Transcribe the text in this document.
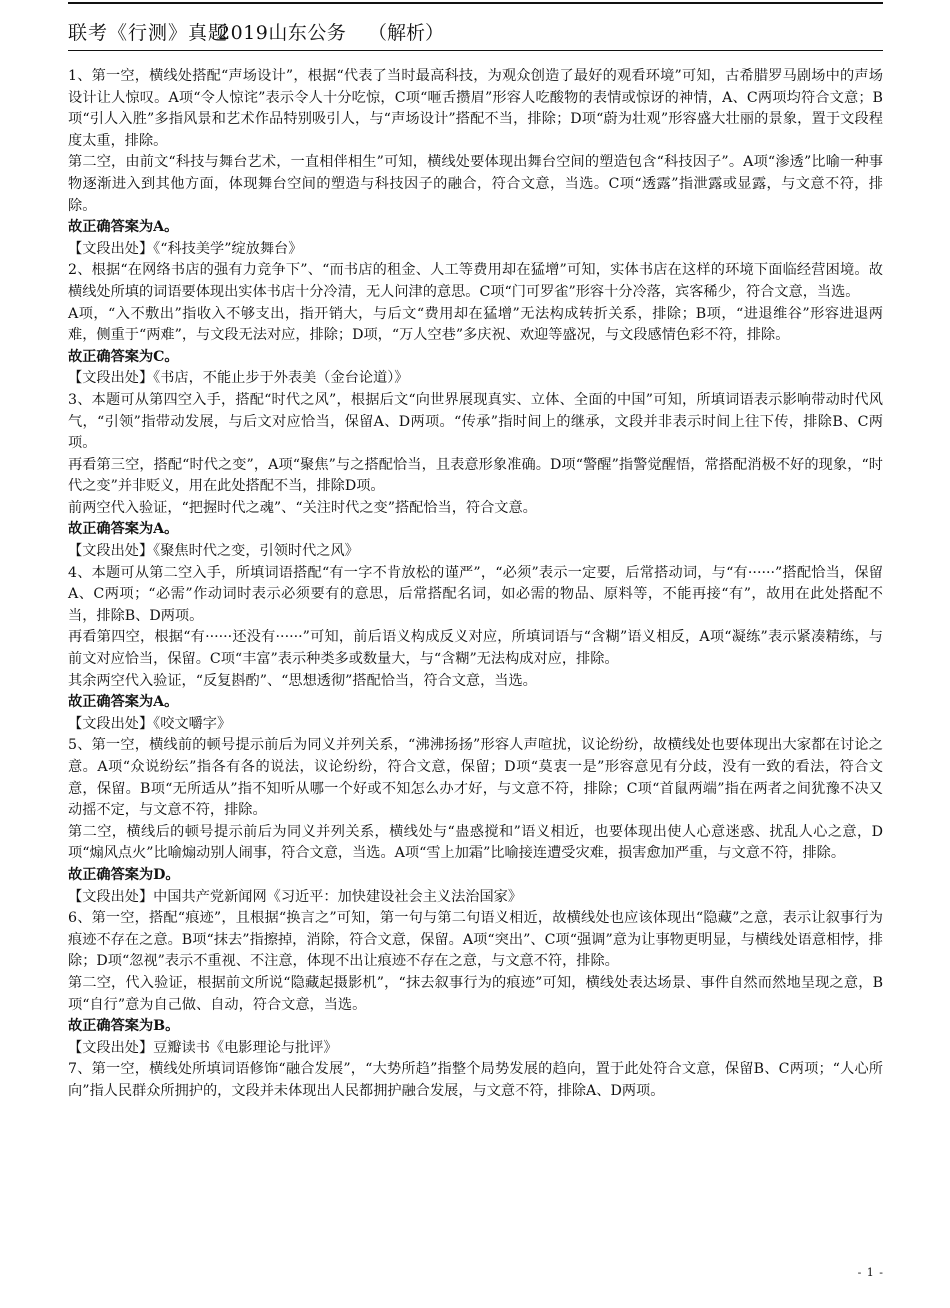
联考《行测》真题
2019山东公务 （解析）

1、第一空，横线处搭配“声场设计”，根据“代表了当时最高科技，为观众创造了最好的观看环境”可知，古希腊罗马剧场中的声场设计让人惊叹。A项“令人惊诧”表示令人十分吃惊，C项“咂舌攒眉”形容人吃酸物的表情或惊讶的神情，A、C两项均符合文意；B项“引人入胜”多指风景和艺术作品特别吸引人，与“声场设计”搭配不当，排除；D项“蔚为壮观”形容盛大壮丽的景象，置于文段程度太重，排除。

第二空，由前文“科技与舞台艺术，一直相伴相生”可知，横线处要体现出舞台空间的塑造包含“科技因子”。A项“渗透”比喻一种事物逐渐进入到其他方面，体现舞台空间的塑造与科技因子的融合，符合文意，当选。C项“透露”指泄露或显露，与文意不符，排除。

故正确答案为A。

【文段出处】《“科技美学”绽放舞台》

2、根据“在网络书店的强有力竞争下”、“而书店的租金、人工等费用却在猛增”可知，实体书店在这样的环境下面临经营困境。故横线处所填的词语要体现出实体书店十分冷清，无人问津的意思。C项“门可罗雀”形容十分冷落，宾客稀少，符合文意，当选。

A项，“入不敷出”指收入不够支出，指开销大，与后文“费用却在猛增”无法构成转折关系，排除；B项，“进退维谷”形容进退两难，侧重于“两难”，与文段无法对应，排除；D项，“万人空巷”多庆祝、欢迎等盛况，与文段感情色彩不符，排除。

故正确答案为C。

【文段出处】《书店，不能止步于外表美（金台论道）》

3、本题可从第四空入手，搭配“时代之风”，根据后文“向世界展现真实、立体、全面的中国”可知，所填词语表示影响带动时代风气，“引领”指带动发展，与后文对应恰当，保留A、D两项。“传承”指时间上的继承，文段并非表示时间上往下传，排除B、C两项。

再看第三空，搭配“时代之变”，A项“聚焦”与之搭配恰当，且表意形象准确。D项“警醒”指警觉醒悟，常搭配消极不好的现象，“时代之变”并非贬义，用在此处搭配不当，排除D项。

前两空代入验证，“把握时代之魂”、“关注时代之变”搭配恰当，符合文意。

故正确答案为A。

【文段出处】《聚焦时代之变，引领时代之风》

4、本题可从第二空入手，所填词语搭配“有一字不肯放松的谨严”，“必须”表示一定要，后常搭动词，与“有······”搭配恰当，保留A、C两项；“必需”作动词时表示必须要有的意思，后常搭配名词，如必需的物品、原料等，不能再接“有”，故用在此处搭配不当，排除B、D两项。

再看第四空，根据“有······还没有······”可知，前后语义构成反义对应，所填词语与“含糊”语义相反，A项“凝练”表示紧凑精练，与前文对应恰当，保留。C项“丰富”表示种类多或数量大，与“含糊”无法构成对应，排除。

其余两空代入验证，“反复斟酌”、“思想透彻”搭配恰当，符合文意，当选。

故正确答案为A。

【文段出处】《咬文嚼字》

5、第一空，横线前的顿号提示前后为同义并列关系，“沸沸扬扬”形容人声喧扰，议论纷纷，故横线处也要体现出大家都在讨论之意。A项“众说纷纭”指各有各的说法，议论纷纷，符合文意，保留；D项“莫衷一是”形容意见有分歧，没有一致的看法，符合文意，保留。B项“无所适从”指不知听从哪一个好或不知怎么办才好，与文意不符，排除；C项“首鼠两端”指在两者之间犹豫不决又动摇不定，与文意不符，排除。

第二空，横线后的顿号提示前后为同义并列关系，横线处与“蛊惑搅和”语义相近，也要体现出使人心意迷惑、扰乱人心之意，D项“煽风点火”比喻煽动别人闹事，符合文意，当选。A项“雪上加霜”比喻接连遭受灾难，损害愈加严重，与文意不符，排除。

故正确答案为D。

【文段出处】中国共产党新闻网《习近平：加快建设社会主义法治国家》

6、第一空，搭配“痕迹”，且根据“换言之”可知，第一句与第二句语义相近，故横线处也应该体现出“隐藏”之意，表示让叙事行为痕迹不存在之意。B项“抹去”指擦掉，消除，符合文意，保留。A项“突出”、C项“强调”意为让事物更明显，与横线处语意相悖，排除；D项“忽视”表示不重视、不注意，体现不出让痕迹不存在之意，与文意不符，排除。

第二空，代入验证，根据前文所说“隐藏起摄影机”，“抹去叙事行为的痕迹”可知，横线处表达场景、事件自然而然地呈现之意，B项“自行”意为自己做、自动，符合文意，当选。

故正确答案为B。

【文段出处】豆瓣读书《电影理论与批评》

7、第一空，横线处所填词语修饰“融合发展”，“大势所趋”指整个局势发展的趋向，置于此处符合文意，保留B、C两项；“人心所向”指人民群众所拥护的，文段并未体现出人民都拥护融合发展，与文意不符，排除A、D两项。

- 1 -
